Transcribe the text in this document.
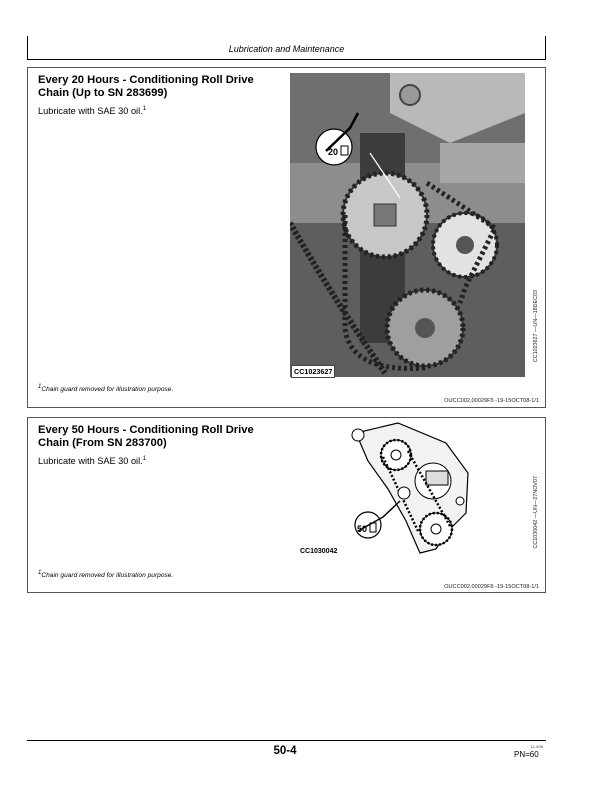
Lubrication and Maintenance
Every 20 Hours - Conditioning Roll Drive
Chain (Up to SN 283699)
Lubricate with SAE 30 oil.$^1$
20
CC1023627
CC1023627 —UN—18DEC03
$^1$Chain guard removed for illustration purpose.
OUCC002,00029F5 -19-15OCT08-1/1
Every 50 Hours - Conditioning Roll Drive
Chain (From SN 283700)
Lubricate with SAE 30 oil.$^1$
50
CC1030042
CC1030042 —UN—27NOV07
$^1$Chain guard removed for illustration purpose.
OUCC002,00029F6 -19-15OCT08-1/1
50-4	12-4Sft
PN=60
